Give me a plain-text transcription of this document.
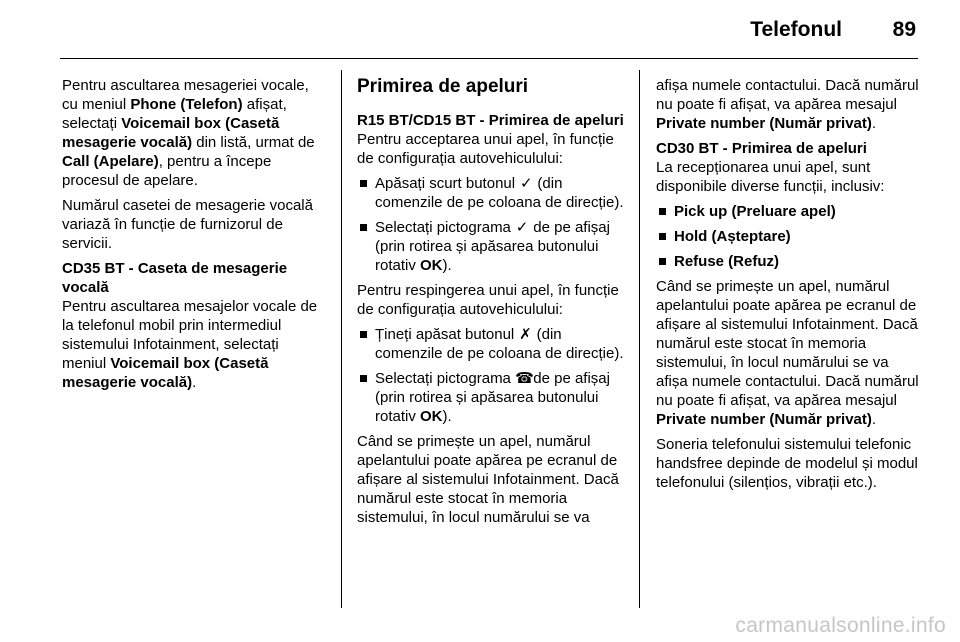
Telefonul 89

Pentru ascultarea mesageriei vocale, cu meniul Phone (Telefon) afișat, selectați Voicemail box (Casetă mesagerie vocală) din listă, urmat de Call (Apelare), pentru a începe procesul de apelare.

Numărul casetei de mesagerie vocală variază în funcție de furnizorul de servicii.

CD35 BT - Caseta de mesagerie vocală

Pentru ascultarea mesajelor vocale de la telefonul mobil prin intermediul sistemului Infotainment, selectați meniul Voicemail box (Casetă mesagerie vocală).

Primirea de apeluri

R15 BT/CD15 BT - Primirea de apeluri

Pentru acceptarea unui apel, în funcție de configurația autovehiculului:

Apăsați scurt butonul ✓ (din comenzile de pe coloana de direcție).
Selectați pictograma ✓ de pe afișaj (prin rotirea și apăsarea butonului rotativ OK).

Pentru respingerea unui apel, în funcție de configurația autovehiculului:

Țineți apăsat butonul ✗ (din comenzile de pe coloana de direcție).
Selectați pictograma ☎ de pe afișaj (prin rotirea și apăsarea butonului rotativ OK).

Când se primește un apel, numărul apelantului poate apărea pe ecranul de afișare al sistemului Infotainment. Dacă numărul este stocat în memoria sistemului, în locul numărului se va

afișa numele contactului. Dacă numărul nu poate fi afișat, va apărea mesajul Private number (Număr privat).

CD30 BT - Primirea de apeluri

La recepționarea unui apel, sunt disponibile diverse funcții, inclusiv:

Pick up (Preluare apel)
Hold (Așteptare)
Refuse (Refuz)

Când se primește un apel, numărul apelantului poate apărea pe ecranul de afișare al sistemului Infotainment. Dacă numărul este stocat în memoria sistemului, în locul numărului se va afișa numele contactului. Dacă numărul nu poate fi afișat, va apărea mesajul Private number (Număr privat).

Soneria telefonului sistemului telefonic handsfree depinde de modelul și modul telefonului (silențios, vibrații etc.).

carmanualsonline.info
